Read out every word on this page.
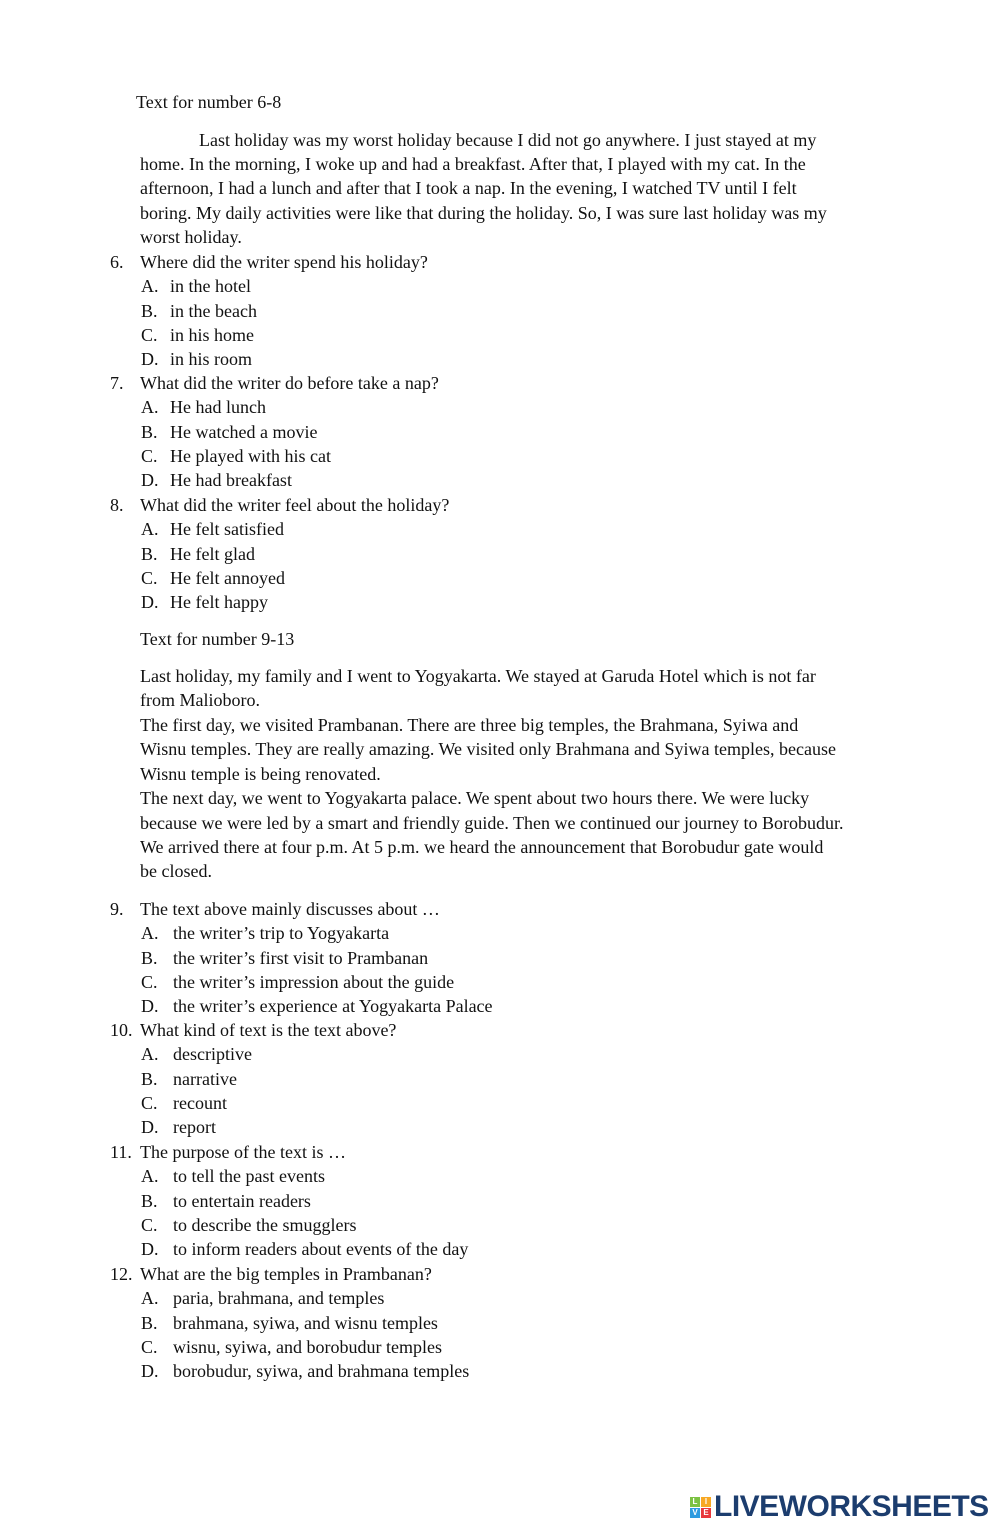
Text for number 6-8
Last holiday was my worst holiday because I did not go anywhere. I just stayed at my
home. In the morning, I woke up and had a breakfast. After that, I played with my cat. In the
afternoon, I had a lunch and after that I took a nap. In the evening, I watched TV until I felt
boring. My daily activities were like that during the holiday. So, I was sure last holiday was my
worst holiday.
6. Where did the writer spend his holiday?
A. in the hotel
B. in the beach
C. in his home
D. in his room
7. What did the writer do before take a nap?
A. He had lunch
B. He watched a movie
C. He played with his cat
D. He had breakfast
8. What did the writer feel about the holiday?
A. He felt satisfied
B. He felt glad
C. He felt annoyed
D. He felt happy
9. The text above mainly discusses about …
A. the writer’s trip to Yogyakarta
B. the writer’s first visit to Prambanan
C. the writer’s impression about the guide
D. the writer’s experience at Yogyakarta Palace
10. What kind of text is the text above?
A. descriptive
B. narrative
C. recount
D. report
11. The purpose of the text is …
A. to tell the past events
B. to entertain readers
C. to describe the smugglers
D. to inform readers about events of the day
12. What are the big temples in Prambanan?
A. paria, brahmana, and temples
B. brahmana, syiwa, and wisnu temples
C. wisnu, syiwa, and borobudur temples
D. borobudur, syiwa, and brahmana temples
Text for number 9-13
Last holiday, my family and I went to Yogyakarta. We stayed at Garuda Hotel which is not far
from Malioboro.
The first day, we visited Prambanan. There are three big temples, the Brahmana, Syiwa and
Wisnu temples. They are really amazing. We visited only Brahmana and Syiwa temples, because
Wisnu temple is being renovated.
The next day, we went to Yogyakarta palace. We spent about two hours there. We were lucky
because we were led by a smart and friendly guide. Then we continued our journey to Borobudur.
We arrived there at four p.m. At 5 p.m. we heard the announcement that Borobudur gate would
be closed.
L I
V E LIVEWORKSHEETS
